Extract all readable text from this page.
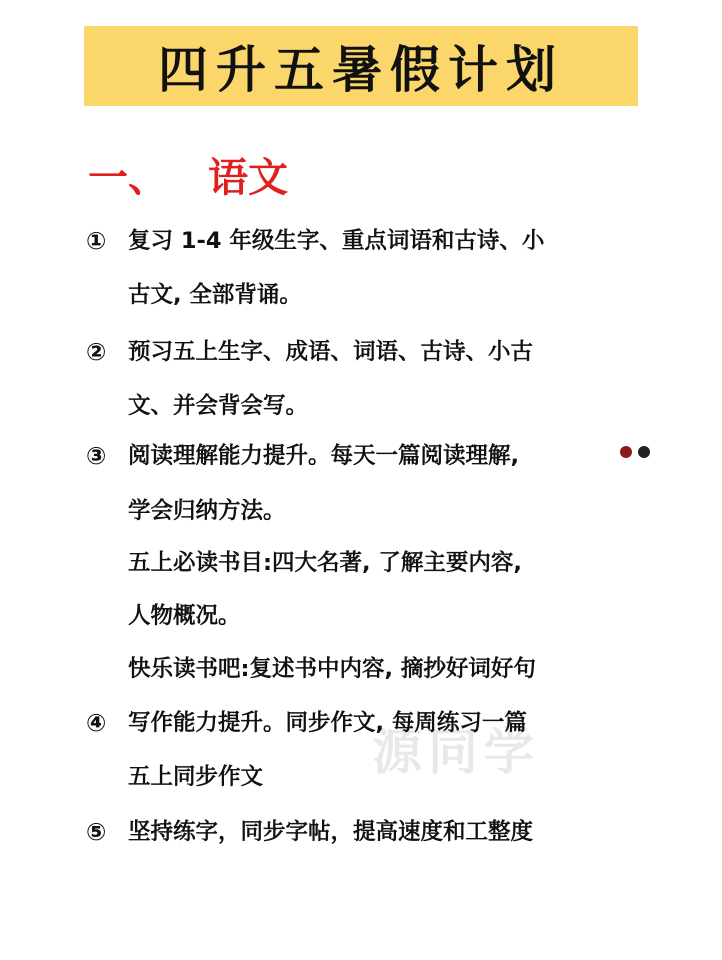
四升五暑假计划
一、 语文
① 复习 1-4 年级生字、重点词语和古诗、小
古文, 全部背诵。
② 预习五上生字、成语、词语、古诗、小古
文、并会背会写。
③ 阅读理解能力提升。每天一篇阅读理解,
学会归纳方法。
五上必读书目:四大名著, 了解主要内容,
人物概况。
快乐读书吧:复述书中内容, 摘抄好词好句
源同学
④ 写作能力提升。同步作文, 每周练习一篇
五上同步作文
⑤ 坚持练字，同步字帖，提高速度和工整度
